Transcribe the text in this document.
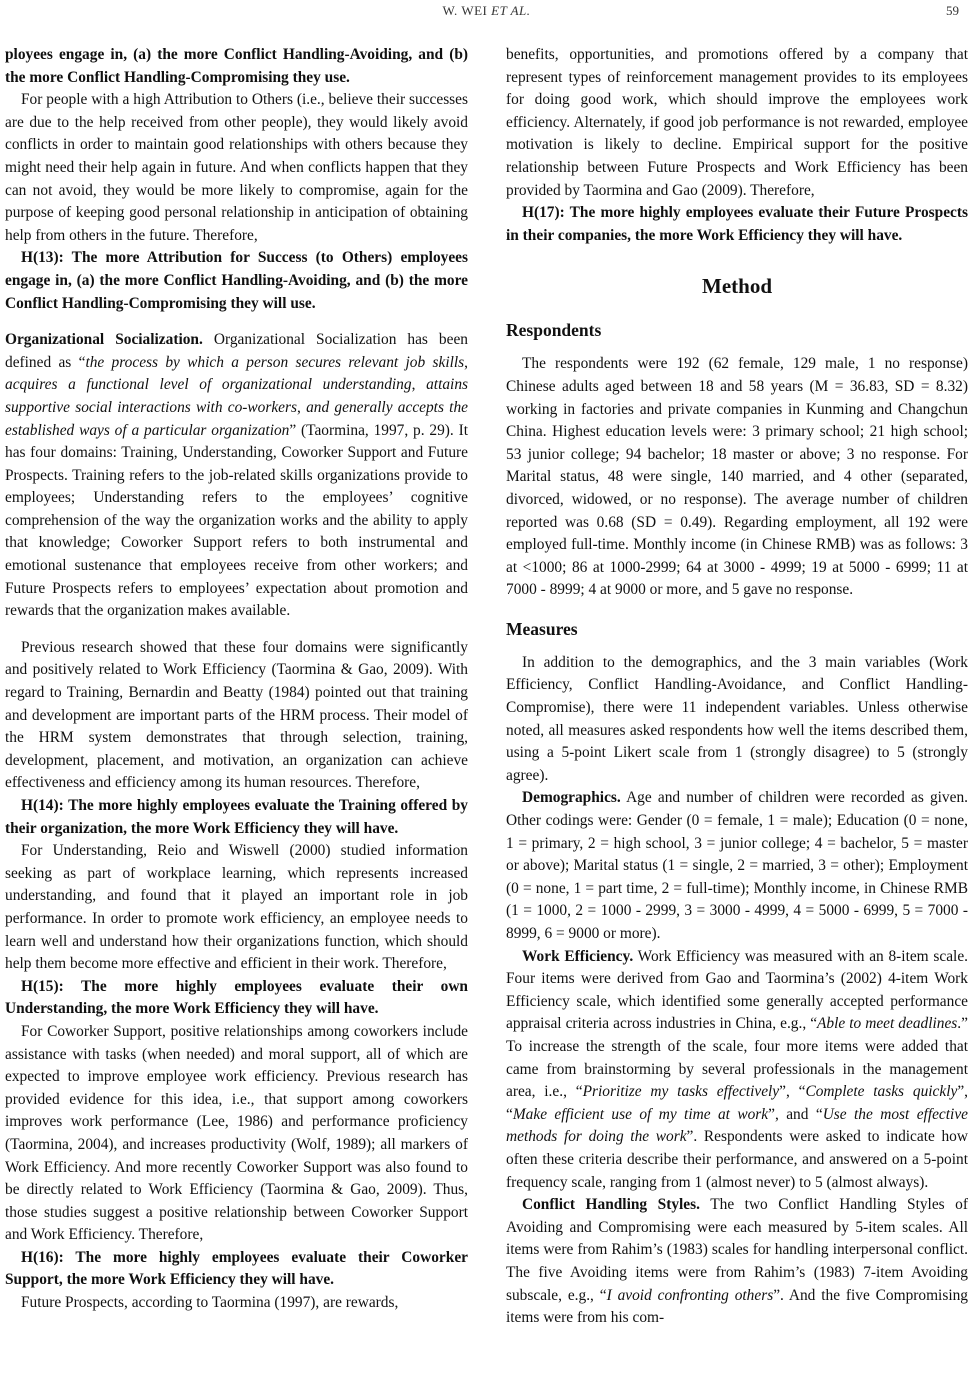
W. WEI ET AL.	59

ployees engage in, (a) the more Conflict Handling-Avoiding, and (b) the more Conflict Handling-Compromising they use.

For people with a high Attribution to Others (i.e., believe their successes are due to the help received from other people), they would likely avoid conflicts in order to maintain good relationships with others because they might need their help again in future. And when conflicts happen that they can not avoid, they would be more likely to compromise, again for the purpose of keeping good personal relationship in anticipation of obtaining help from others in the future. Therefore,

H(13): The more Attribution for Success (to Others) employees engage in, (a) the more Conflict Handling-Avoiding, and (b) the more Conflict Handling-Compromising they will use.

Organizational Socialization. Organizational Socialization has been defined as “the process by which a person secures relevant job skills, acquires a functional level of organizational understanding, attains supportive social interactions with co-workers, and generally accepts the established ways of a particular organization” (Taormina, 1997, p. 29). It has four domains: Training, Understanding, Coworker Support and Future Prospects. Training refers to the job-related skills organizations provide to employees; Understanding refers to the employees’ cognitive comprehension of the way the organization works and the ability to apply that knowledge; Coworker Support refers to both instrumental and emotional sustenance that employees receive from other workers; and Future Prospects refers to employees’ expectation about promotion and rewards that the organization makes available.

Previous research showed that these four domains were significantly and positively related to Work Efficiency (Taormina & Gao, 2009). With regard to Training, Bernardin and Beatty (1984) pointed out that training and development are important parts of the HRM process. Their model of the HRM system demonstrates that through selection, training, development, placement, and motivation, an organization can achieve effectiveness and efficiency among its human resources. Therefore,

H(14): The more highly employees evaluate the Training offered by their organization, the more Work Efficiency they will have.

For Understanding, Reio and Wiswell (2000) studied information seeking as part of workplace learning, which represents increased understanding, and found that it played an important role in job performance. In order to promote work efficiency, an employee needs to learn well and understand how their organizations function, which should help them become more effective and efficient in their work. Therefore,

H(15): The more highly employees evaluate their own Understanding, the more Work Efficiency they will have.

For Coworker Support, positive relationships among coworkers include assistance with tasks (when needed) and moral support, all of which are expected to improve employee work efficiency. Previous research has provided evidence for this idea, i.e., that support among coworkers improves work performance (Lee, 1986) and performance proficiency (Taormina, 2004), and increases productivity (Wolf, 1989); all markers of Work Efficiency. And more recently Coworker Support was also found to be directly related to Work Efficiency (Taormina & Gao, 2009). Thus, those studies suggest a positive relationship between Coworker Support and Work Efficiency. Therefore,

H(16): The more highly employees evaluate their Coworker Support, the more Work Efficiency they will have.

Future Prospects, according to Taormina (1997), are rewards,

benefits, opportunities, and promotions offered by a company that represent types of reinforcement management provides to its employees for doing good work, which should improve the employees work efficiency. Alternately, if good job performance is not rewarded, employee motivation is likely to decline. Empirical support for the positive relationship between Future Prospects and Work Efficiency has been provided by Taormina and Gao (2009). Therefore,

H(17): The more highly employees evaluate their Future Prospects in their companies, the more Work Efficiency they will have.

Method
Respondents

The respondents were 192 (62 female, 129 male, 1 no response) Chinese adults aged between 18 and 58 years (M = 36.83, SD = 8.32) working in factories and private companies in Kunming and Changchun China. Highest education levels were: 3 primary school; 21 high school; 53 junior college; 94 bachelor; 18 master or above; 3 no response. For Marital status, 48 were single, 140 married, and 4 other (separated, divorced, widowed, or no response). The average number of children reported was 0.68 (SD = 0.49). Regarding employment, all 192 were employed full-time. Monthly income (in Chinese RMB) was as follows: 3 at <1000; 86 at 1000-2999; 64 at 3000 - 4999; 19 at 5000 - 6999; 11 at 7000 - 8999; 4 at 9000 or more, and 5 gave no response.

Measures

In addition to the demographics, and the 3 main variables (Work Efficiency, Conflict Handling-Avoidance, and Conflict Handling-Compromise), there were 11 independent variables. Unless otherwise noted, all measures asked respondents how well the items described them, using a 5-point Likert scale from 1 (strongly disagree) to 5 (strongly agree).

Demographics. Age and number of children were recorded as given. Other codings were: Gender (0 = female, 1 = male); Education (0 = none, 1 = primary, 2 = high school, 3 = junior college; 4 = bachelor, 5 = master or above); Marital status (1 = single, 2 = married, 3 = other); Employment (0 = none, 1 = part time, 2 = full-time); Monthly income, in Chinese RMB (1 = 1000, 2 = 1000 - 2999, 3 = 3000 - 4999, 4 = 5000 - 6999, 5 = 7000 - 8999, 6 = 9000 or more).

Work Efficiency. Work Efficiency was measured with an 8-item scale. Four items were derived from Gao and Taormina’s (2002) 4-item Work Efficiency scale, which identified some generally accepted performance appraisal criteria across industries in China, e.g., “Able to meet deadlines.” To increase the strength of the scale, four more items were added that came from brainstorming by several professionals in the management area, i.e., “Prioritize my tasks effectively”, “Complete tasks quickly”, “Make efficient use of my time at work”, and “Use the most effective methods for doing the work”. Respondents were asked to indicate how often these criteria describe their performance, and answered on a 5-point frequency scale, ranging from 1 (almost never) to 5 (almost always).

Conflict Handling Styles. The two Conflict Handling Styles of Avoiding and Compromising were each measured by 5-item scales. All items were from Rahim’s (1983) scales for handling interpersonal conflict. The five Avoiding items were from Rahim’s (1983) 7-item Avoiding subscale, e.g., “I avoid confronting others”. And the five Compromising items were from his com-
